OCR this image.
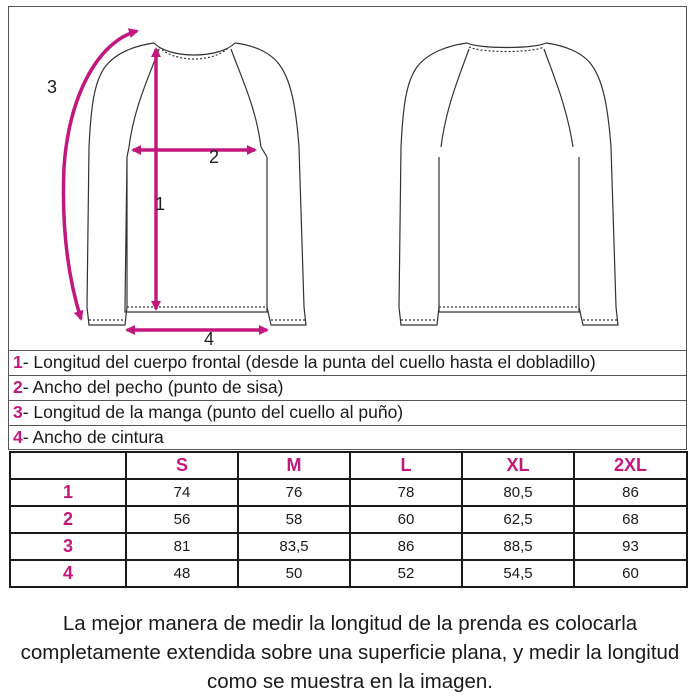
1
2
3
4
1- Longitud del cuerpo frontal (desde la punta del cuello hasta el dobladillo)
2- Ancho del pecho (punto de sisa)
3- Longitud de la manga (punto del cuello al puño)
4- Ancho de cintura
	S	M	L	XL	2XL
1	74	76	78	80,5	86
2	56	58	60	62,5	68
3	81	83,5	86	88,5	93
4	48	50	52	54,5	60
La mejor manera de medir la longitud de la prenda es colocarla completamente extendida sobre una superficie plana, y medir la longitud como se muestra en la imagen.
